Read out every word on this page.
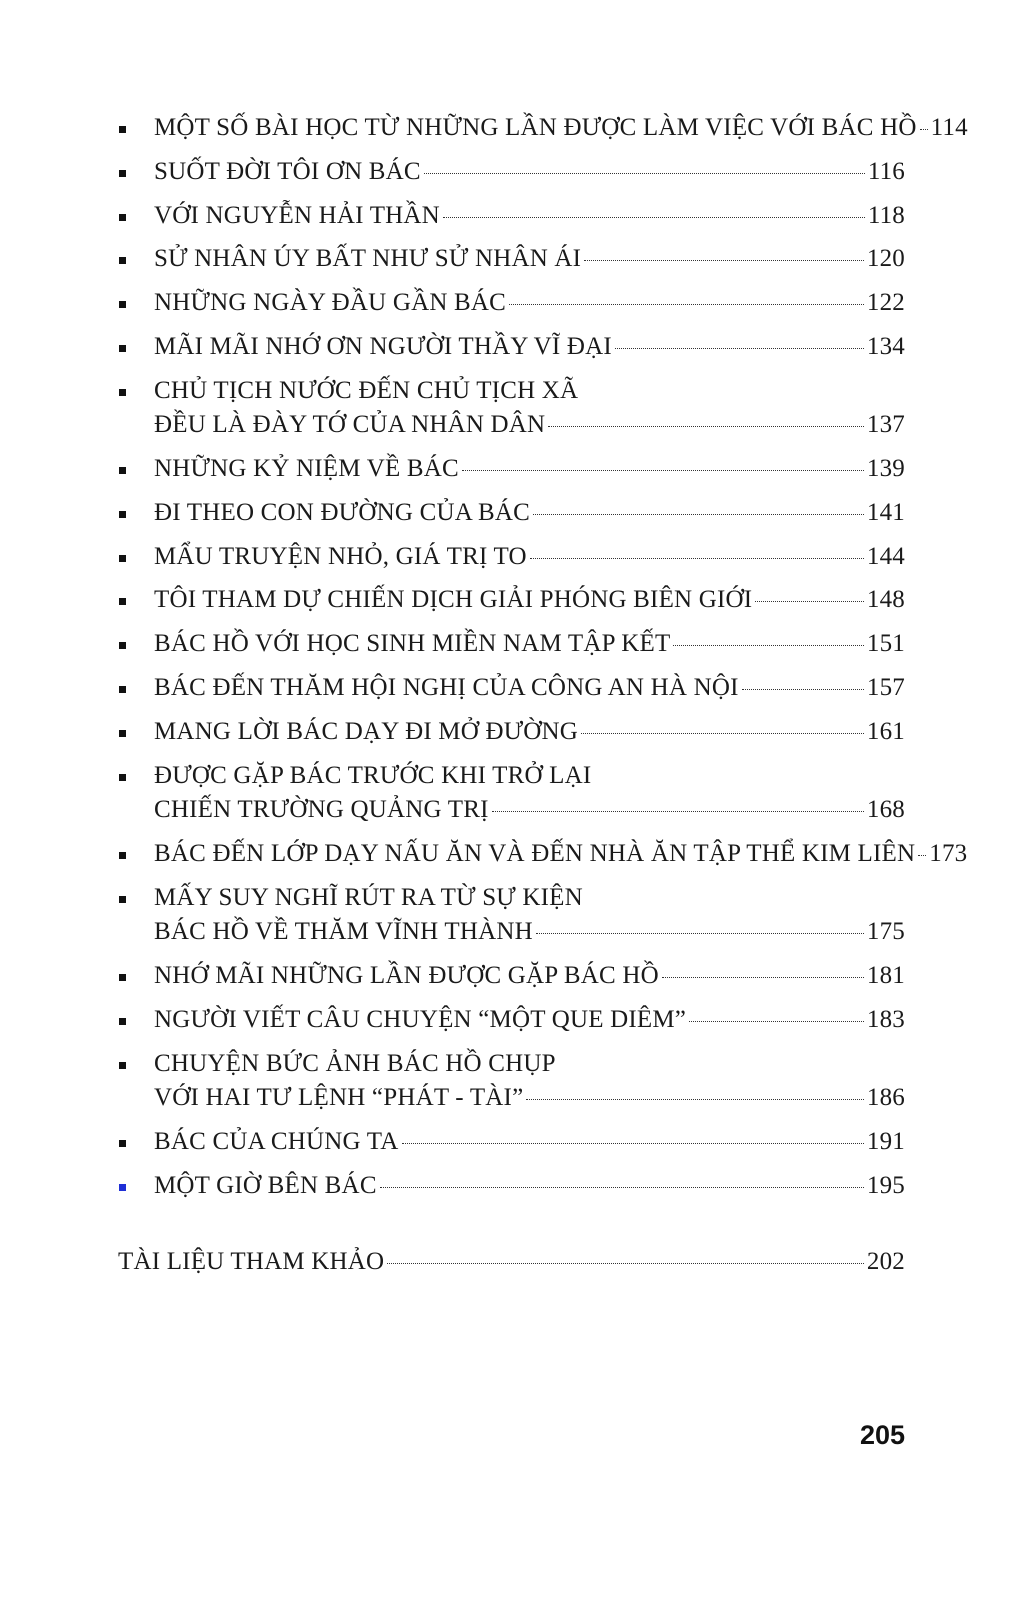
MỘT SỐ BÀI HỌC TỪ NHỮNG LẦN ĐƯỢC LÀM VIỆC VỚI BÁC HỒ 114
SUỐT ĐỜI TÔI ƠN BÁC	116
VỚI NGUYỄN HẢI THẦN	118
SỬ NHÂN ÚY BẤT NHƯ SỬ NHÂN ÁI	120
NHỮNG NGÀY ĐẦU GẦN BÁC	122
MÃI MÃI NHỚ ƠN NGƯỜI THẦY VĨ ĐẠI	134
CHỦ TỊCH NƯỚC ĐẾN CHỦ TỊCH XÃ
ĐỀU LÀ ĐÀY TỚ CỦA NHÂN DÂN	137
NHỮNG KỶ NIỆM VỀ BÁC	139
ĐI THEO CON ĐƯỜNG CỦA BÁC	141
MẨU TRUYỆN NHỎ, GIÁ TRỊ TO	144
TÔI THAM DỰ CHIẾN DỊCH GIẢI PHÓNG BIÊN GIỚI	148
BÁC HỒ VỚI HỌC SINH MIỀN NAM TẬP KẾT	151
BÁC ĐẾN THĂM HỘI NGHỊ CỦA CÔNG AN HÀ NỘI	157
MANG LỜI BÁC DẠY ĐI MỞ ĐƯỜNG	161
ĐƯỢC GẶP BÁC TRƯỚC KHI TRỞ LẠI
CHIẾN TRƯỜNG QUẢNG TRỊ	168
BÁC ĐẾN LỚP DẠY NẤU ĂN VÀ ĐẾN NHÀ ĂN TẬP THỂ KIM LIÊN 173
MẤY SUY NGHĨ RÚT RA TỪ SỰ KIỆN
BÁC HỒ VỀ THĂM VĨNH THÀNH	175
NHỚ MÃI NHỮNG LẦN ĐƯỢC GẶP BÁC HỒ	181
NGƯỜI VIẾT CÂU CHUYỆN “MỘT QUE DIÊM”	183
CHUYỆN BỨC ẢNH BÁC HỒ CHỤP
VỚI HAI TƯ LỆNH “PHÁT - TÀI”	186
BÁC CỦA CHÚNG TA	191
MỘT GIỜ BÊN BÁC	195
TÀI LIỆU THAM KHẢO	202
205
